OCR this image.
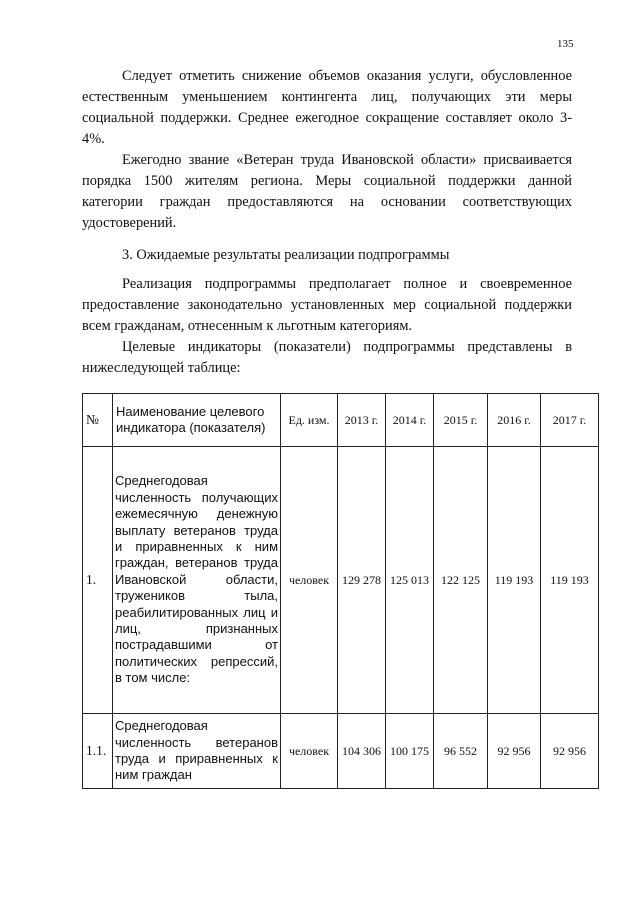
135

Следует отметить снижение объемов оказания услуги, обусловленное естественным уменьшением контингента лиц, получающих эти меры социальной поддержки. Среднее ежегодное сокращение составляет около 3-4%.

Ежегодно звание «Ветеран труда Ивановской области» присваивается порядка 1500 жителям региона. Меры социальной поддержки данной категории граждан предоставляются на основании соответствующих удостоверений.

3. Ожидаемые результаты реализации подпрограммы

Реализация подпрограммы предполагает полное и своевременное предоставление законодательно установленных мер социальной поддержки всем гражданам, отнесенным к льготным категориям.

Целевые индикаторы (показатели) подпрограммы представлены в нижеследующей таблице:

№	Наименование целевого индикатора (показателя)	Ед. изм.	2013 г.	2014 г.	2015 г.	2016 г.	2017 г.
1.	Среднегодовая численность получающих ежемесячную денежную выплату ветеранов труда и приравненных к ним граждан, ветеранов труда Ивановской области, тружеников тыла, реабилитированных лиц и лиц, признанных пострадавшими от политических репрессий, в том числе:	человек	129 278	125 013	122 125	119 193	119 193
1.1.	Среднегодовая численность ветеранов труда и приравненных к ним граждан	человек	104 306	100 175	96 552	92 956	92 956
